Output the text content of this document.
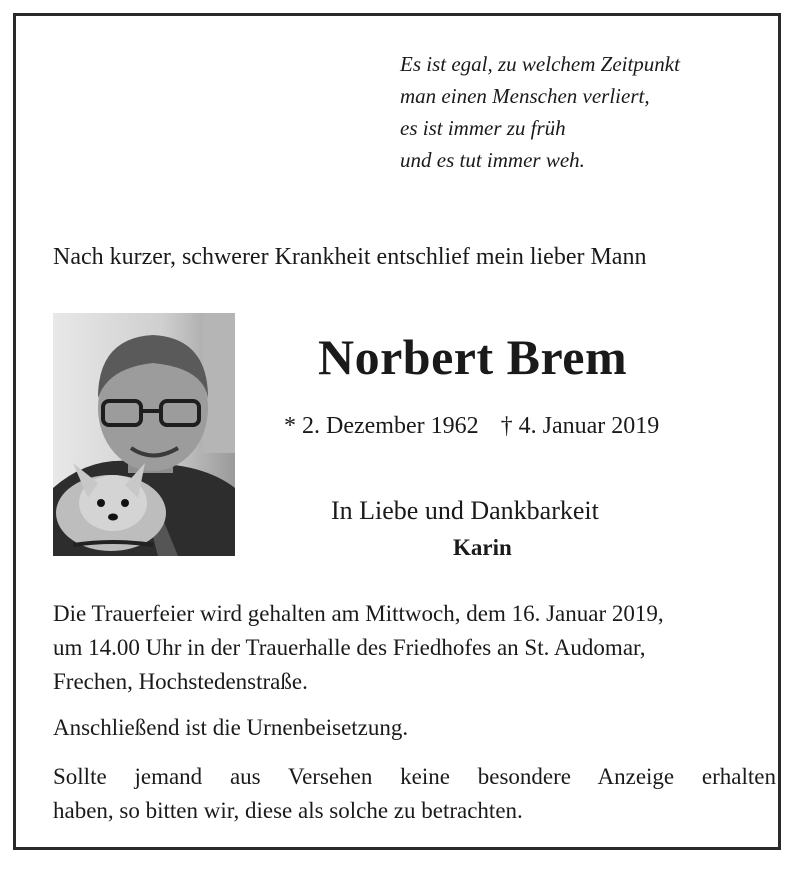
Es ist egal, zu welchem Zeitpunkt
man einen Menschen verliert,
es ist immer zu früh
und es tut immer weh.
Nach kurzer, schwerer Krankheit entschlief mein lieber Mann
Norbert Brem
* 2. Dezember 1962 † 4. Januar 2019
In Liebe und Dankbarkeit
Karin
Die Trauerfeier wird gehalten am Mittwoch, dem 16. Januar 2019,
um 14.00 Uhr in der Trauerhalle des Friedhofes an St. Audomar,
Frechen, Hochstedenstraße.
Anschließend ist die Urnenbeisetzung.
Sollte jemand aus Versehen keine besondere Anzeige erhalten
haben, so bitten wir, diese als solche zu betrachten.
